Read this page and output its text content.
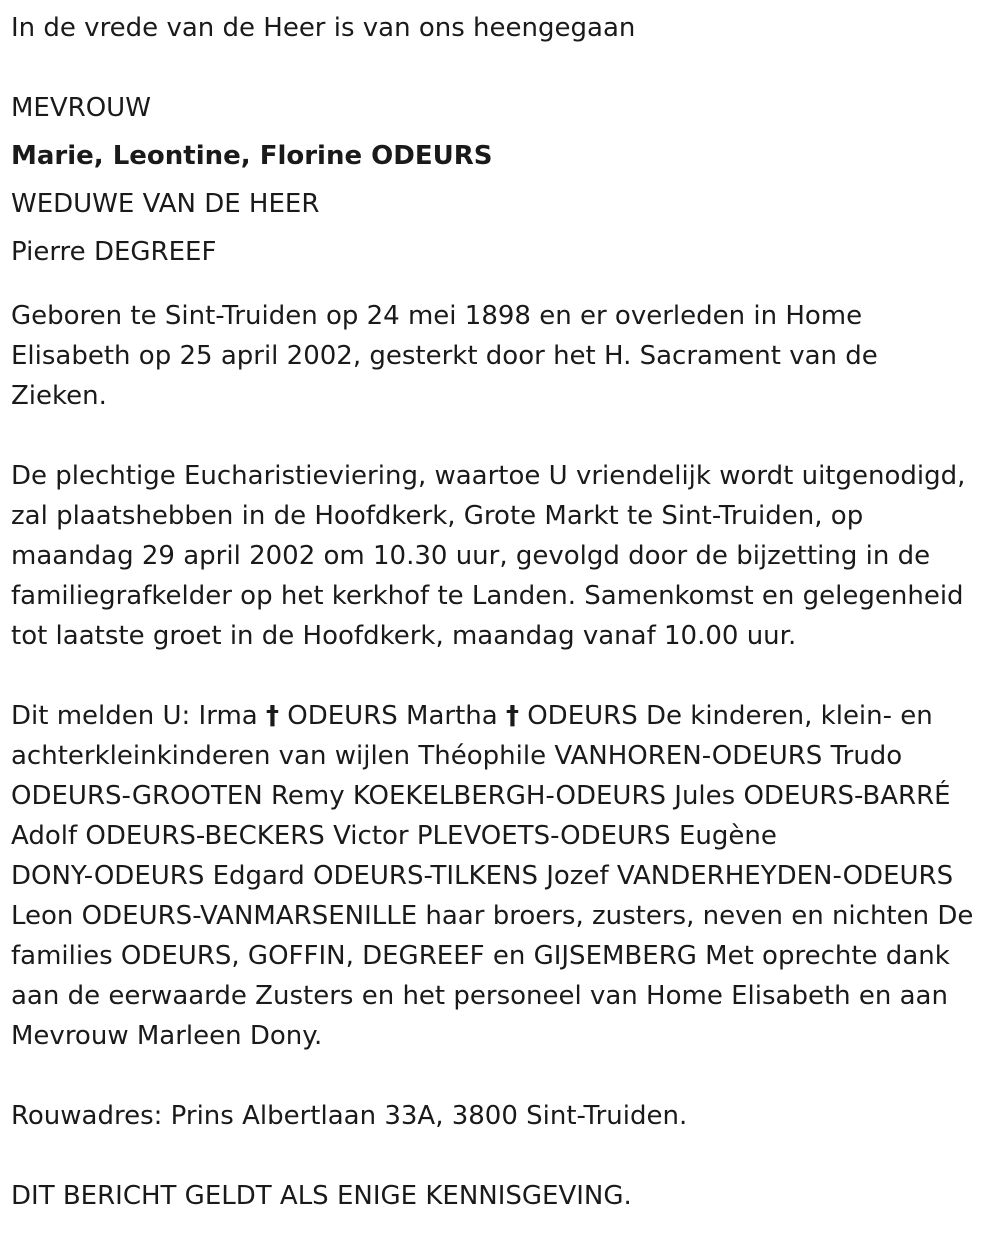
In de vrede van de Heer is van ons heengegaan

MEVROUW

Marie, Leontine, Florine ODEURS

WEDUWE VAN DE HEER

Pierre DEGREEF

Geboren te Sint-Truiden op 24 mei 1898 en er overleden in Home

Elisabeth op 25 april 2002, gesterkt door het H. Sacrament van de

Zieken.

De plechtige Eucharistieviering, waartoe U vriendelijk wordt uitgenodigd,

zal plaatshebben in de Hoofdkerk, Grote Markt te Sint-Truiden, op

maandag 29 april 2002 om 10.30 uur, gevolgd door de bijzetting in de

familiegrafkelder op het kerkhof te Landen. Samenkomst en gelegenheid

tot laatste groet in de Hoofdkerk, maandag vanaf 10.00 uur.

Dit melden U: Irma † ODEURS Martha † ODEURS De kinderen, klein- en

achterkleinkinderen van wijlen Théophile VANHOREN-ODEURS Trudo

ODEURS-GROOTEN Remy KOEKELBERGH-ODEURS Jules ODEURS-BARRÉ

Adolf ODEURS-BECKERS Victor PLEVOETS-ODEURS Eugène

DONY-ODEURS Edgard ODEURS-TILKENS Jozef VANDERHEYDEN-ODEURS

Leon ODEURS-VANMARSENILLE haar broers, zusters, neven en nichten De

families ODEURS, GOFFIN, DEGREEF en GIJSEMBERG Met oprechte dank

aan de eerwaarde Zusters en het personeel van Home Elisabeth en aan

Mevrouw Marleen Dony.

Rouwadres: Prins Albertlaan 33A, 3800 Sint-Truiden.

DIT BERICHT GELDT ALS ENIGE KENNISGEVING.
